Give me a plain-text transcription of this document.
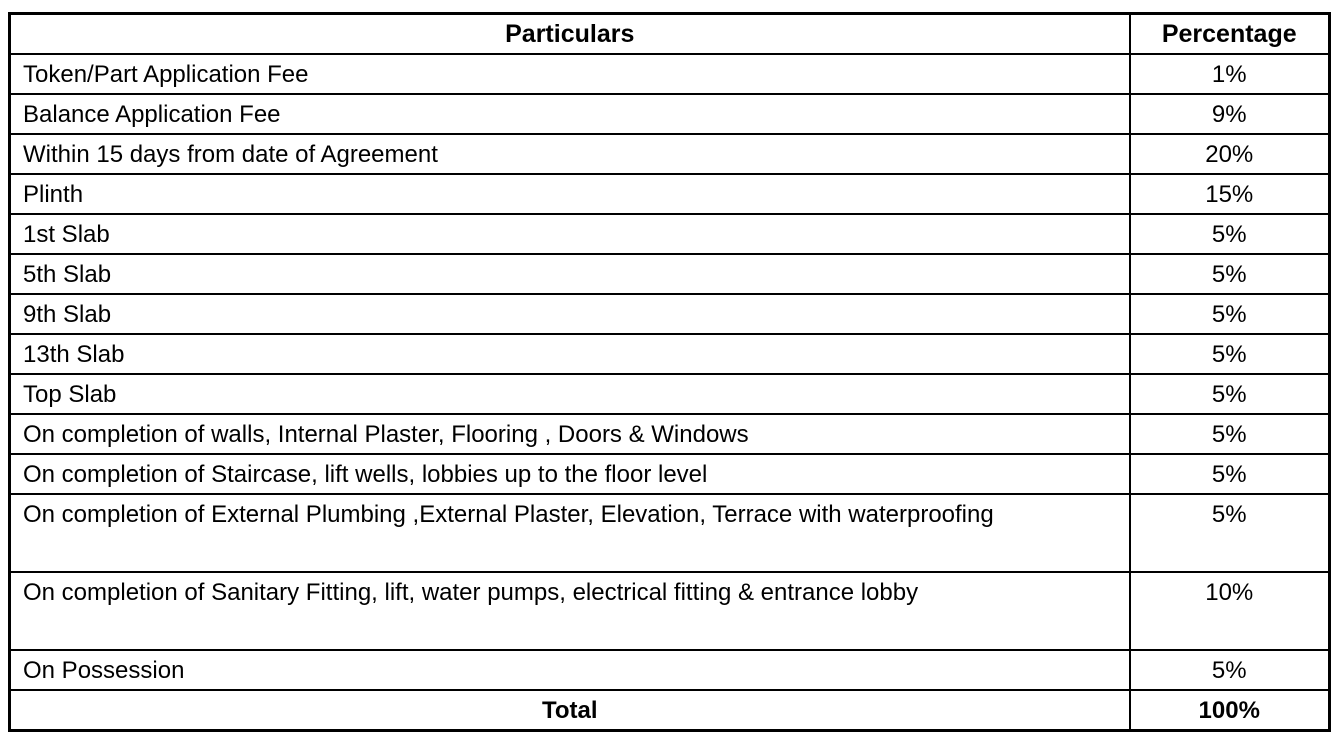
Particulars	Percentage
Token/Part Application Fee	1%
Balance Application Fee	9%
Within 15 days from date of Agreement	20%
Plinth	15%
1st Slab	5%
5th Slab	5%
9th Slab	5%
13th Slab	5%
Top Slab	5%
On completion of walls, Internal Plaster, Flooring , Doors & Windows	5%
On completion of Staircase, lift wells, lobbies up to the floor level	5%
On completion of External Plumbing ,External Plaster, Elevation, Terrace with waterproofing	5%
On completion of Sanitary Fitting, lift, water pumps, electrical fitting & entrance lobby	10%
On Possession	5%
Total	100%
